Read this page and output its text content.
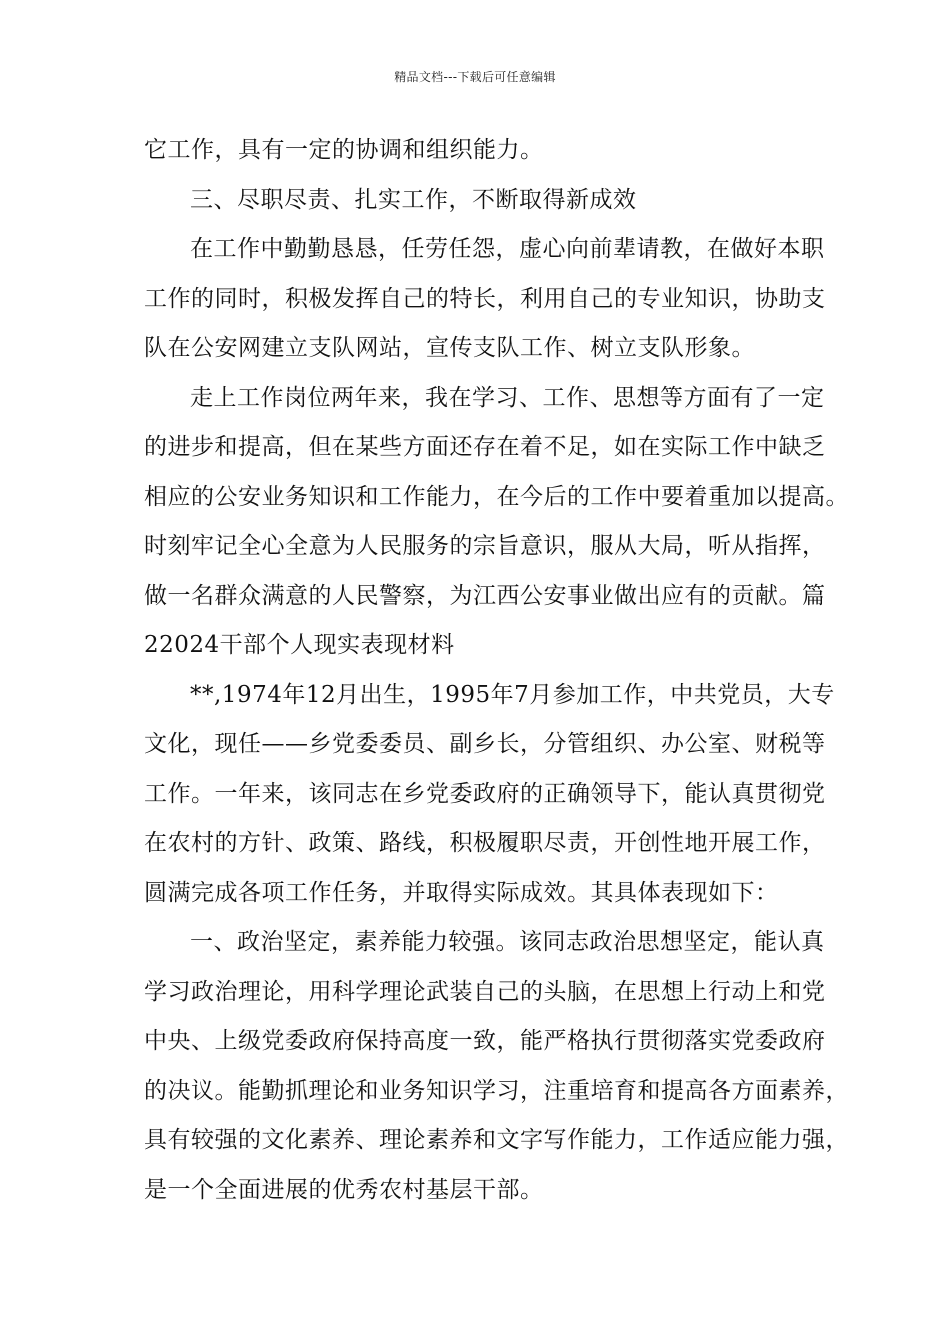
精品文档---下载后可任意编辑
它工作，具有一定的协调和组织能力。
三、尽职尽责、扎实工作，不断取得新成效
在工作中勤勤恳恳，任劳任怨，虚心向前辈请教，在做好本职
工作的同时，积极发挥自己的特长，利用自己的专业知识，协助支
队在公安网建立支队网站，宣传支队工作、树立支队形象。
走上工作岗位两年来，我在学习、工作、思想等方面有了一定
的进步和提高，但在某些方面还存在着不足，如在实际工作中缺乏
相应的公安业务知识和工作能力，在今后的工作中要着重加以提高。
时刻牢记全心全意为人民服务的宗旨意识，服从大局，听从指挥，
做一名群众满意的人民警察，为江西公安事业做出应有的贡献。篇
22024干部个人现实表现材料
**,1974年12月出生，1995年7月参加工作，中共党员，大专
文化，现任——乡党委委员、副乡长，分管组织、办公室、财税等
工作。一年来，该同志在乡党委政府的正确领导下，能认真贯彻党
在农村的方针、政策、路线，积极履职尽责，开创性地开展工作，
圆满完成各项工作任务，并取得实际成效。其具体表现如下：
一、政治坚定，素养能力较强。该同志政治思想坚定，能认真
学习政治理论，用科学理论武装自己的头脑，在思想上行动上和党
中央、上级党委政府保持高度一致，能严格执行贯彻落实党委政府
的决议。能勤抓理论和业务知识学习，注重培育和提高各方面素养，
具有较强的文化素养、理论素养和文字写作能力，工作适应能力强，
是一个全面进展的优秀农村基层干部。
